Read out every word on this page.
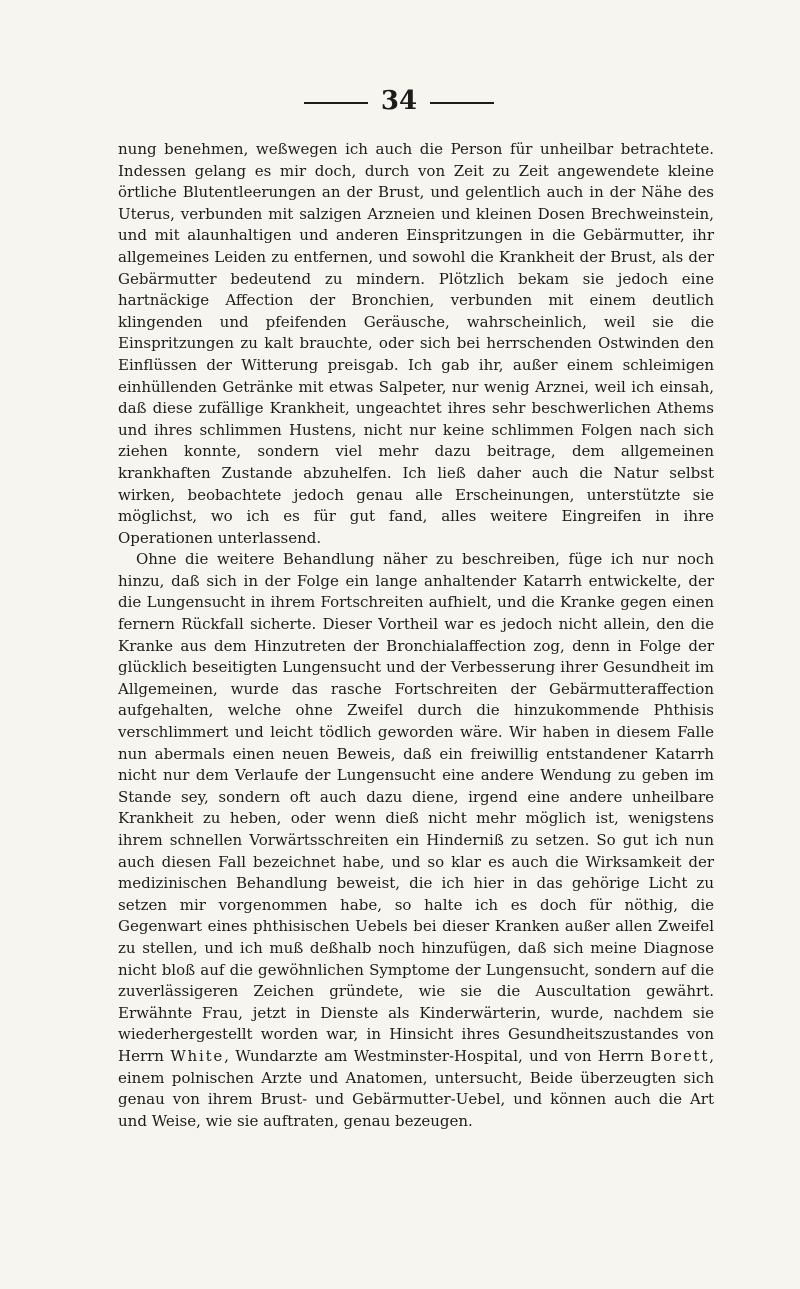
34

nung benehmen, weßwegen ich auch die Person für unheilbar betrachtete. Indessen gelang es mir doch, durch von Zeit zu Zeit angewendete kleine örtliche Blutentleerungen an der Brust, und gelentlich auch in der Nähe des Uterus, verbunden mit salzigen Arzneien und kleinen Dosen Brechweinstein, und mit alaunhaltigen und anderen Einspritzungen in die Gebärmutter, ihr allgemeines Leiden zu entfernen, und sowohl die Krankheit der Brust, als der Gebärmutter bedeutend zu mindern. Plötzlich bekam sie jedoch eine hartnäckige Affection der Bronchien, verbunden mit einem deutlich klingenden und pfeifenden Geräusche, wahrscheinlich, weil sie die Einspritzungen zu kalt brauchte, oder sich bei herrschenden Ostwinden den Einflüssen der Witterung preisgab. Ich gab ihr, außer einem schleimigen einhüllenden Getränke mit etwas Salpeter, nur wenig Arznei, weil ich einsah, daß diese zufällige Krankheit, ungeachtet ihres sehr beschwerlichen Athems und ihres schlimmen Hustens, nicht nur keine schlimmen Folgen nach sich ziehen konnte, sondern viel mehr dazu beitrage, dem allgemeinen krankhaften Zustande abzuhelfen. Ich ließ daher auch die Natur selbst wirken, beobachtete jedoch genau alle Erscheinungen, unterstützte sie möglichst, wo ich es für gut fand, alles weitere Eingreifen in ihre Operationen unterlassend.

Ohne die weitere Behandlung näher zu beschreiben, füge ich nur noch hinzu, daß sich in der Folge ein lange anhaltender Katarrh entwickelte, der die Lungensucht in ihrem Fortschreiten aufhielt, und die Kranke gegen einen fernern Rückfall sicherte. Dieser Vortheil war es jedoch nicht allein, den die Kranke aus dem Hinzutreten der Bronchialaffection zog, denn in Folge der glücklich beseitigten Lungensucht und der Verbesserung ihrer Gesundheit im Allgemeinen, wurde das rasche Fortschreiten der Gebärmutteraffection aufgehalten, welche ohne Zweifel durch die hinzukommende Phthisis verschlimmert und leicht tödlich geworden wäre. Wir haben in diesem Falle nun abermals einen neuen Beweis, daß ein freiwillig entstandener Katarrh nicht nur dem Verlaufe der Lungensucht eine andere Wendung zu geben im Stande sey, sondern oft auch dazu diene, irgend eine andere unheilbare Krankheit zu heben, oder wenn dieß nicht mehr möglich ist, wenigstens ihrem schnellen Vorwärtsschreiten ein Hinderniß zu setzen. So gut ich nun auch diesen Fall bezeichnet habe, und so klar es auch die Wirksamkeit der medizinischen Behandlung beweist, die ich hier in das gehörige Licht zu setzen mir vorgenommen habe, so halte ich es doch für nöthig, die Gegenwart eines phthisischen Uebels bei dieser Kranken außer allen Zweifel zu stellen, und ich muß deßhalb noch hinzufügen, daß sich meine Diagnose nicht bloß auf die gewöhnlichen Symptome der Lungensucht, sondern auf die zuverlässigeren Zeichen gründete, wie sie die Auscultation gewährt. Erwähnte Frau, jetzt in Dienste als Kinderwärterin, wurde, nachdem sie wiederhergestellt worden war, in Hinsicht ihres Gesundheitszustandes von Herrn White, Wundarzte am Westminster-Hospital, und von Herrn Borett, einem polnischen Arzte und Anatomen, untersucht, Beide überzeugten sich genau von ihrem Brust- und Gebärmutter-Uebel, und können auch die Art und Weise, wie sie auftraten, genau bezeugen.
